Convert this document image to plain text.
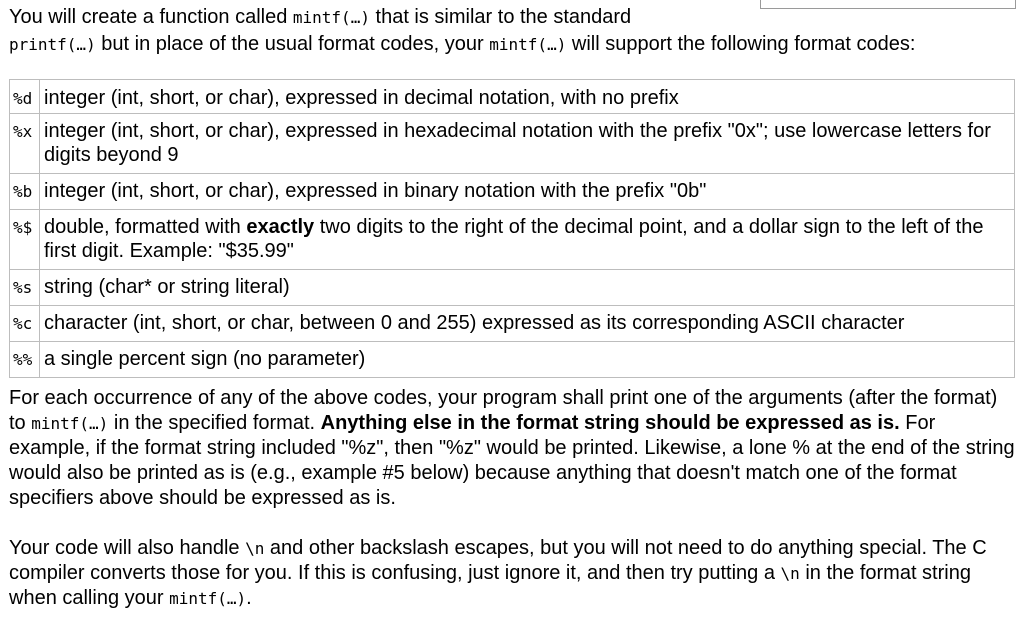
You will create a function called mintf(…) that is similar to the standard
printf(…) but in place of the usual format codes, your mintf(…) will support the following format codes:
%d	integer (int, short, or char), expressed in decimal notation, with no prefix
%x	integer (int, short, or char), expressed in hexadecimal notation with the prefix "0x"; use lowercase letters for digits beyond 9
%b	integer (int, short, or char), expressed in binary notation with the prefix "0b"
%$	double, formatted with exactly two digits to the right of the decimal point, and a dollar sign to the left of the first digit. Example: "$35.99"
%s	string (char* or string literal)
%c	character (int, short, or char, between 0 and 255) expressed as its corresponding ASCII character
%%	a single percent sign (no parameter)
For each occurrence of any of the above codes, your program shall print one of the arguments (after the format) to mintf(…) in the specified format. Anything else in the format string should be expressed as is. For example, if the format string included "%z", then "%z" would be printed. Likewise, a lone % at the end of the string would also be printed as is (e.g., example #5 below) because anything that doesn't match one of the format specifiers above should be expressed as is.
Your code will also handle \n and other backslash escapes, but you will not need to do anything special. The C compiler converts those for you. If this is confusing, just ignore it, and then try putting a \n in the format string when calling your mintf(…).
